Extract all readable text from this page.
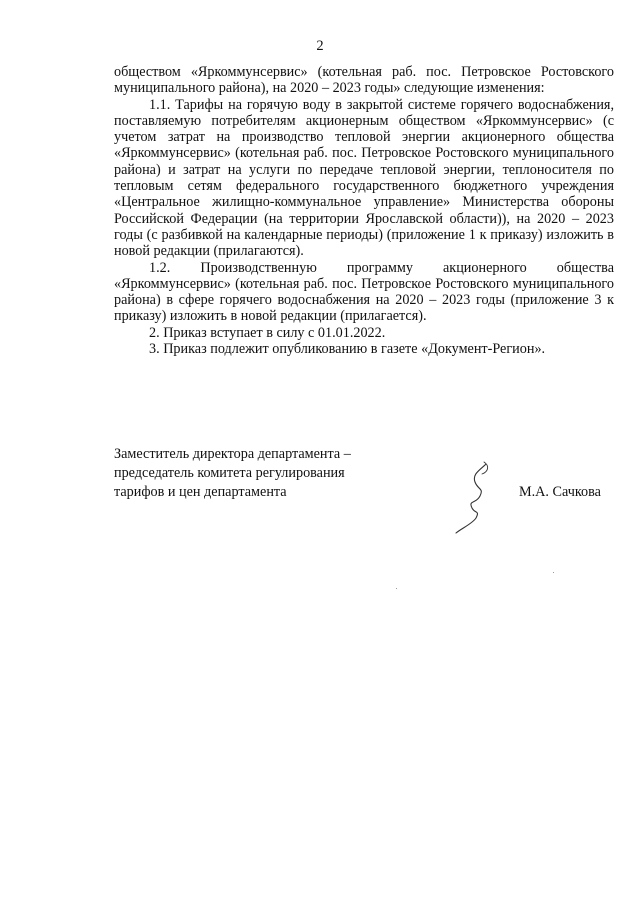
2

обществом «Яркоммунсервис» (котельная раб. пос. Петровское Ростовского муниципального района), на 2020 – 2023 годы» следующие изменения:

1.1. Тарифы на горячую воду в закрытой системе горячего водоснабжения, поставляемую потребителям акционерным обществом «Яркоммунсервис» (с учетом затрат на производство тепловой энергии акционерного общества «Яркоммунсервис» (котельная раб. пос. Петровское Ростовского муниципального района) и затрат на услуги по передаче тепловой энергии, теплоносителя по тепловым сетям федерального государственного бюджетного учреждения «Центральное жилищно-коммунальное управление» Министерства обороны Российской Федерации (на территории Ярославской области)), на 2020 – 2023 годы (с разбивкой на календарные периоды) (приложение 1 к приказу) изложить в новой редакции (прилагаются).

1.2. Производственную программу акционерного общества «Яркоммунсервис» (котельная раб. пос. Петровское Ростовского муниципального района) в сфере горячего водоснабжения на 2020 – 2023 годы (приложение 3 к приказу) изложить в новой редакции (прилагается).

2. Приказ вступает в силу с 01.01.2022.

3. Приказ подлежит опубликованию в газете «Документ-Регион».

Заместитель директора департамента –
председатель комитета регулирования
тарифов и цен департамента	М.А. Сачкова
